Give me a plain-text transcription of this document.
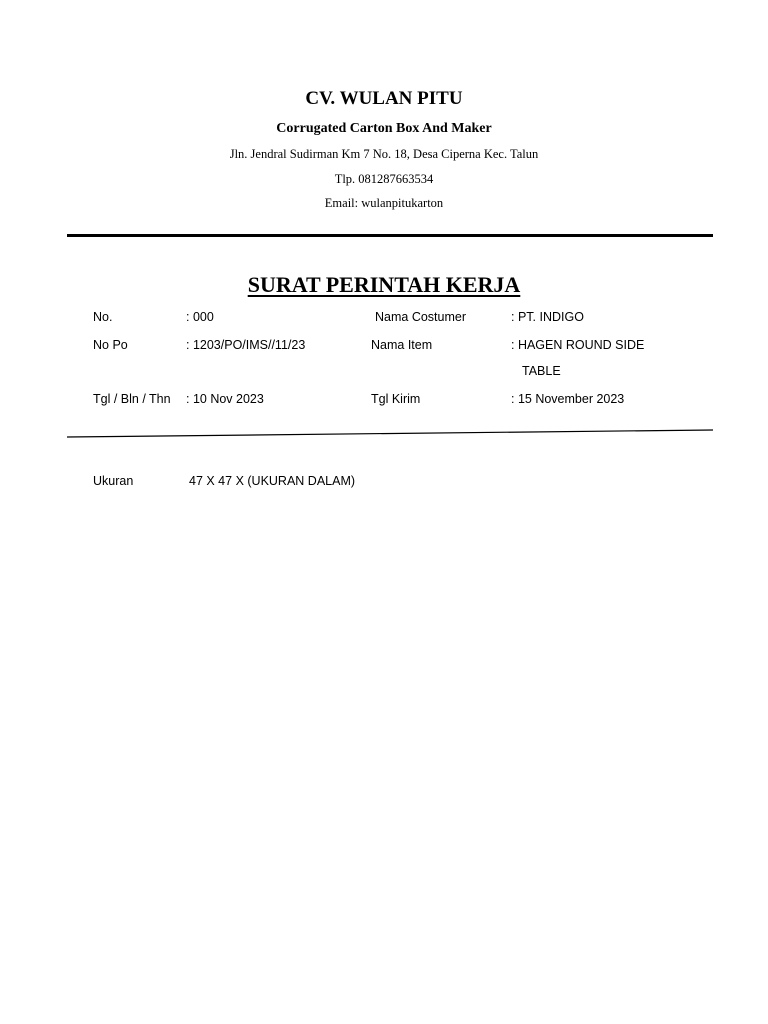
CV. WULAN PITU
Corrugated Carton Box And Maker
Jln. Jendral Sudirman Km 7 No. 18, Desa Ciperna Kec. Talun
Tlp. 081287663534
Email: wulanpitukarton
SURAT PERINTAH KERJA
No.	: 000	Nama Costumer	: PT. INDIGO
No Po	: 1203/PO/IMS//11/23	Nama Item	: HAGEN ROUND SIDE
TABLE
Tgl / Bln / Thn : 10 Nov 2023	Tgl Kirim	: 15 November 2023
Ukuran	47 X 47 X (UKURAN DALAM)
